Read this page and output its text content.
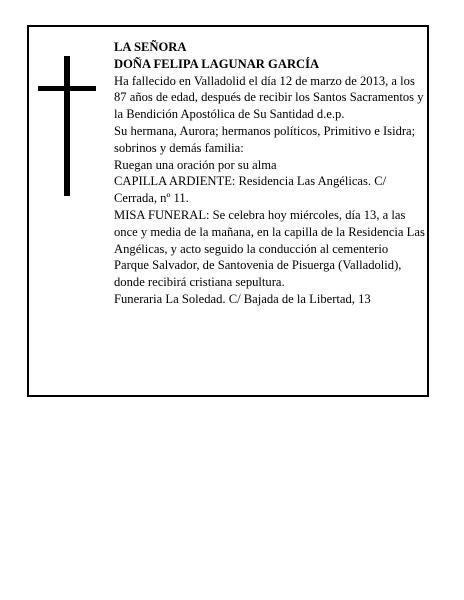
LA SEÑORA

DOÑA FELIPA LAGUNAR GARCÍA

Ha fallecido en Valladolid el día 12 de marzo de 2013, a los 87 años de edad, después de recibir los Santos Sacramentos y la Bendición Apostólica de Su Santidad d.e.p.

Su hermana, Aurora; hermanos políticos, Primitivo e Isidra; sobrinos y demás familia:

Ruegan una oración por su alma

CAPILLA ARDIENTE: Residencia Las Angélicas. C/ Cerrada, nº 11.

MISA FUNERAL: Se celebra hoy miércoles, día 13, a las once y media de la mañana, en la capilla de la Residencia Las Angélicas, y acto seguido la conducción al cementerio Parque Salvador, de Santovenia de Pisuerga (Valladolid), donde recibirá cristiana sepultura.

Funeraria La Soledad. C/ Bajada de la Libertad, 13
